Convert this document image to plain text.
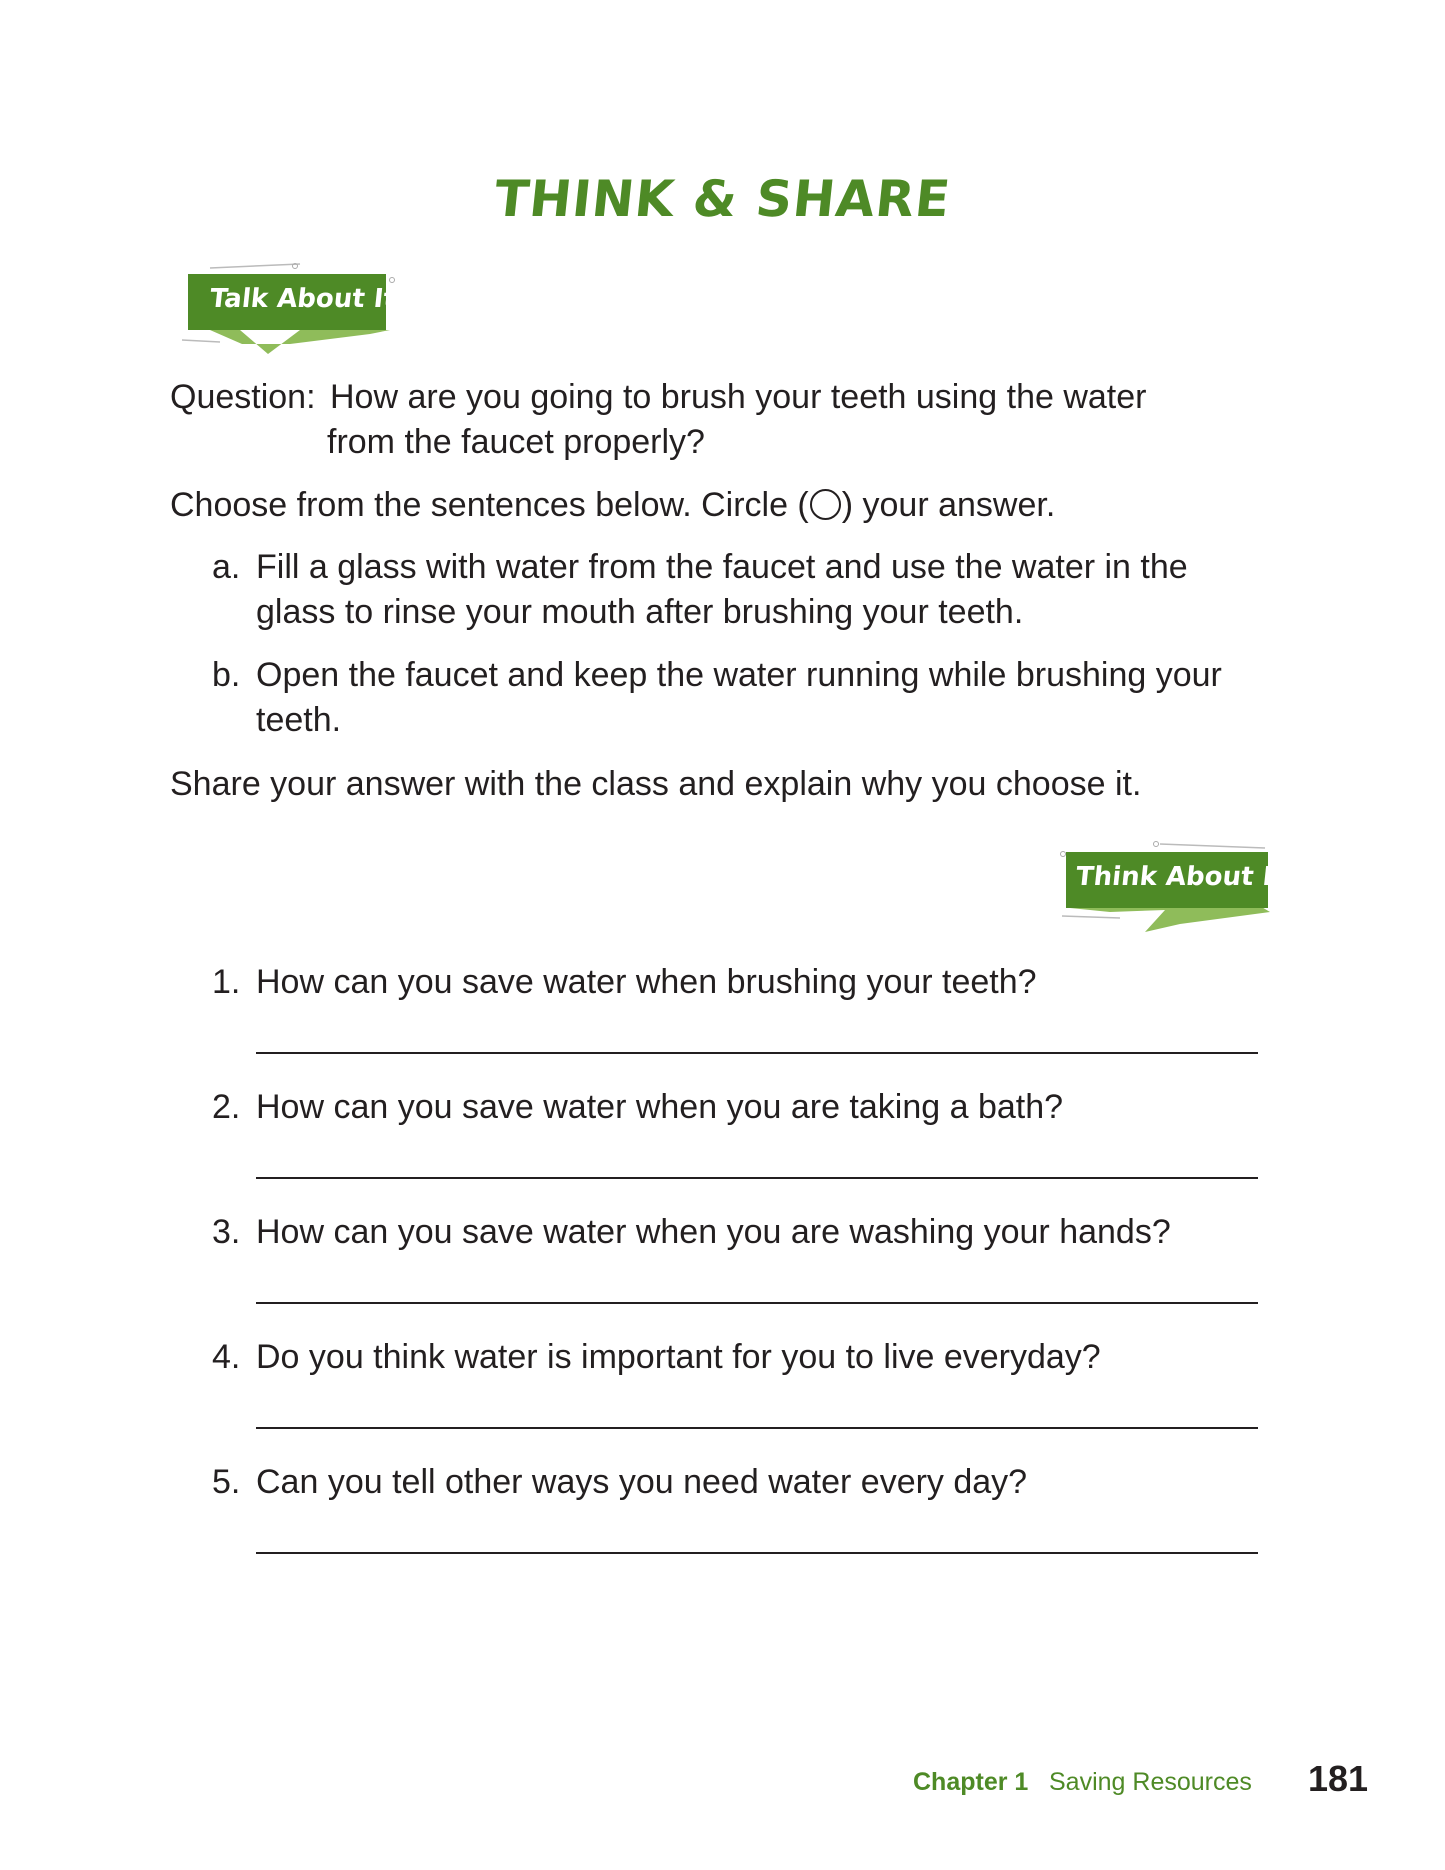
THINK & SHARE
Talk About It
Question: How are you going to brush your teeth using the water
from the faucet properly?
Choose from the sentences below. Circle ( ) your answer.
a. Fill a glass with water from the faucet and use the water in the
glass to rinse your mouth after brushing your teeth.
b. Open the faucet and keep the water running while brushing your
teeth.
Share your answer with the class and explain why you choose it.
Think About It
1. How can you save water when brushing your teeth?
2. How can you save water when you are taking a bath?
3. How can you save water when you are washing your hands?
4. Do you think water is important for you to live everyday?
5. Can you tell other ways you need water every day?
Chapter 1 Saving Resources 181
